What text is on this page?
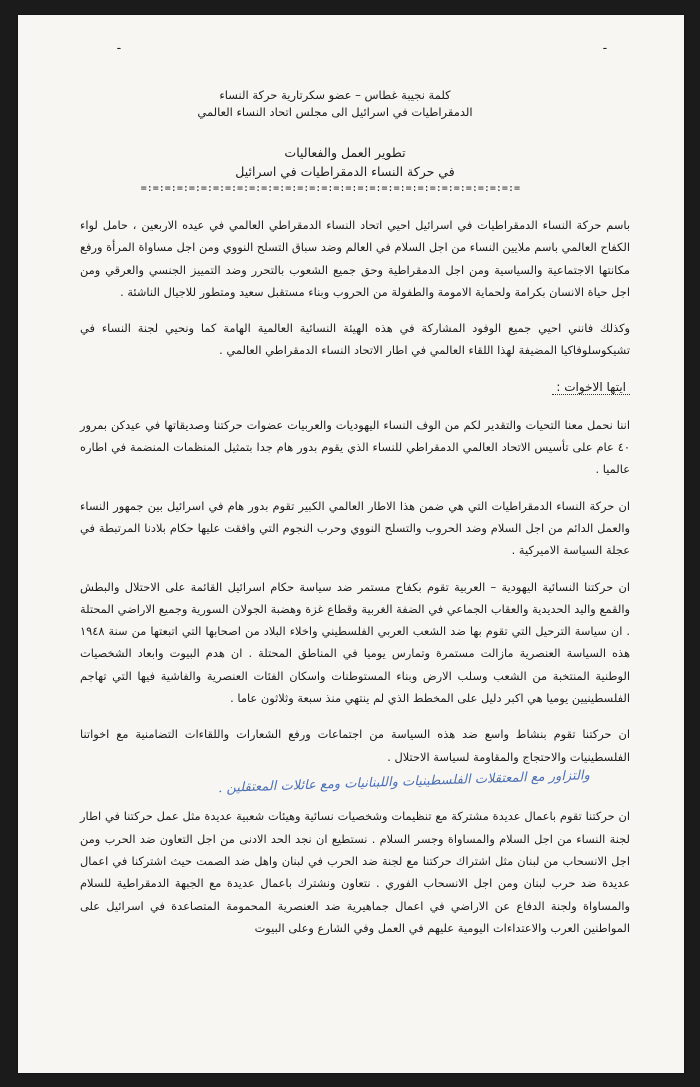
-	-
كلمة نجيبة غطاس – عضو سكرتارية حركة النساء
الدمقراطيات في اسرائيل الى مجلس اتحاد النساء العالمي
تطوير العمل والفعاليات
في حركة النساء الدمقراطيات في اسرائيل
=:=:=:=:=:=:=:=:=:=:=:=:=:=:=:=:=:=:=:=:=:=:=:=:=:=:=:=:=:=:=:=

باسم حركة النساء الدمقراطيات في اسرائيل احيي اتحاد النساء الدمقراطي العالمي في عيده الاربعين ، حامل لواء الكفاح العالمي باسم ملايين النساء من اجل السلام في العالم وضد سباق التسلح النووي ومن اجل مساواة المرأة ورفع مكانتها الاجتماعية والسياسية ومن اجل الدمقراطية وحق جميع الشعوب بالتحرر وضد التمييز الجنسي والعرقي ومن اجل حياة الانسان بكرامة ولحماية الامومة والطفولة من الحروب وبناء مستقبل سعيد ومتطور للاجيال الناشئة .

وكذلك فانني احيي جميع الوفود المشاركة في هذه الهيئة النسائية العالمية الهامة كما ونحيي لجنة النساء في تشيكوسلوفاكيا المضيفة لهذا اللقاء العالمي في اطار الاتحاد النساء الدمقراطي العالمي .

ايتها الاخوات :

اننا نحمل معنا التحيات والتقدير لكم من الوف النساء اليهوديات والعربيات عضوات حركتنا وصديقاتها في عيدكن بمرور ٤٠ عام على تأسيس الاتحاد العالمي الدمقراطي للنساء الذي يقوم بدور هام جدا بتمثيل المنظمات المنضمة في اطاره عالميا .

ان حركة النساء الدمقراطيات التي هي ضمن هذا الاطار العالمي الكبير تقوم بدور هام في اسرائيل بين جمهور النساء والعمل الدائم من اجل السلام وضد الحروب والتسلح النووي وحرب النجوم التي وافقت عليها حكام بلادنا المرتبطة في عجلة السياسة الاميركية .

ان حركتنا النسائية اليهودية – العربية تقوم بكفاح مستمر ضد سياسة حكام اسرائيل القائمة على الاحتلال والبطش والقمع واليد الحديدية والعقاب الجماعي في الضفة الغربية وقطاع غزة وهضبة الجولان السورية وجميع الاراضي المحتلة . ان سياسة الترحيل التي تقوم بها ضد الشعب العربي الفلسطيني واخلاء البلاد من اصحابها التي اتبعتها من سنة ١٩٤٨ هذه السياسة العنصرية مازالت مستمرة وتمارس يوميا في المناطق المحتلة . ان هدم البيوت وابعاد الشخصيات الوطنية المنتخبة من الشعب وسلب الارض وبناء المستوطنات واسكان الفئات العنصرية والفاشية فيها التي تهاجم الفلسطينيين يوميا هي اكبر دليل على المخطط الذي لم ينتهي منذ سبعة وثلاثون عاما .

ان حركتنا تقوم بنشاط واسع ضد هذه السياسة من اجتماعات ورفع الشعارات واللقاءات التضامنية مع اخواتنا الفلسطينيات والاحتجاج والمقاومة لسياسة الاحتلال .

والتزاور مع المعتقلات الفلسطينيات واللبنانيات ومع عائلات المعتقلين .

ان حركتنا تقوم باعمال عديدة مشتركة مع تنظيمات وشخصيات نسائية وهيئات شعبية عديدة مثل عمل حركتنا في اطار لجنة النساء من اجل السلام والمساواة وجسر السلام . نستطيع ان نجد الحد الادنى من اجل التعاون ضد الحرب ومن اجل الانسحاب من لبنان مثل اشتراك حركتنا مع لجنة ضد الحرب في لبنان واهل ضد الصمت حيث اشتركنا في اعمال عديدة ضد حرب لبنان ومن اجل الانسحاب الفوري . نتعاون ونشترك باعمال عديدة مع الجبهة الدمقراطية للسلام والمساواة ولجنة الدفاع عن الاراضي في اعمال جماهيرية ضد العنصرية المحمومة المتصاعدة في اسرائيل على المواطنين العرب والاعتداءات اليومية عليهم في العمل وفي الشارع وعلى البيوت
